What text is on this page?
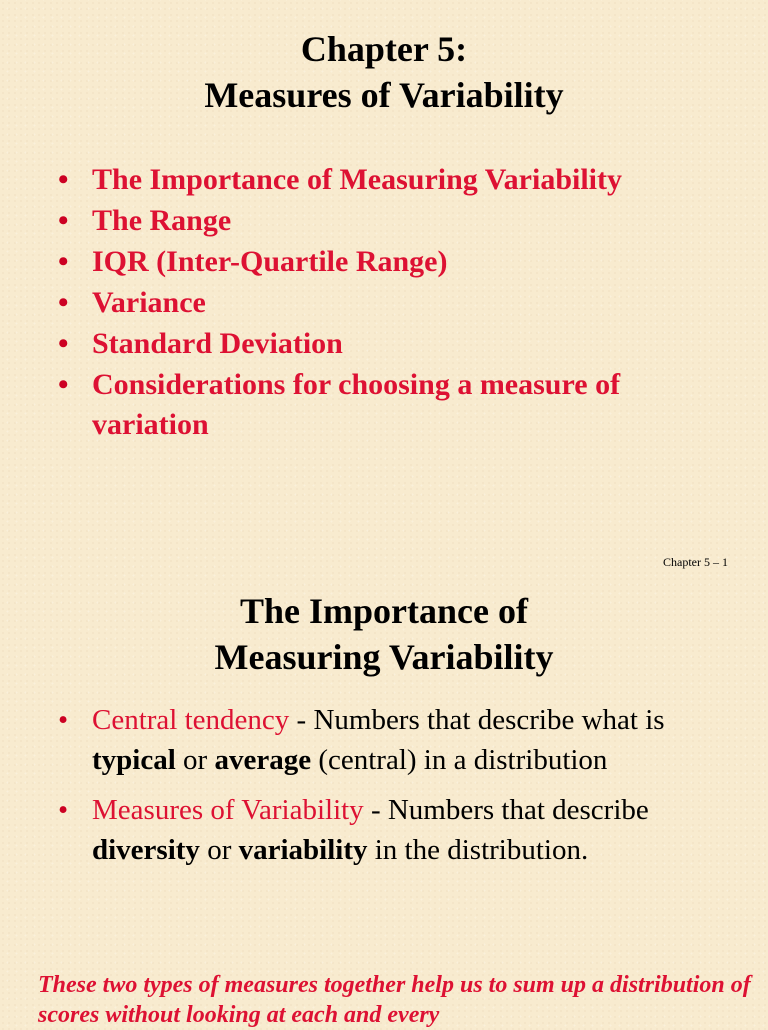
Chapter 5:
Measures of Variability
• The Importance of Measuring Variability
• The Range
• IQR (Inter-Quartile Range)
• Variance
• Standard Deviation
• Considerations for choosing a measure of variation
Chapter 5 – 1
The Importance of
Measuring Variability
• Central tendency - Numbers that describe what is typical or average (central) in a distribution
• Measures of Variability - Numbers that describe diversity or variability in the distribution.

These two types of measures together help us to sum up a distribution of scores without looking at each and every
